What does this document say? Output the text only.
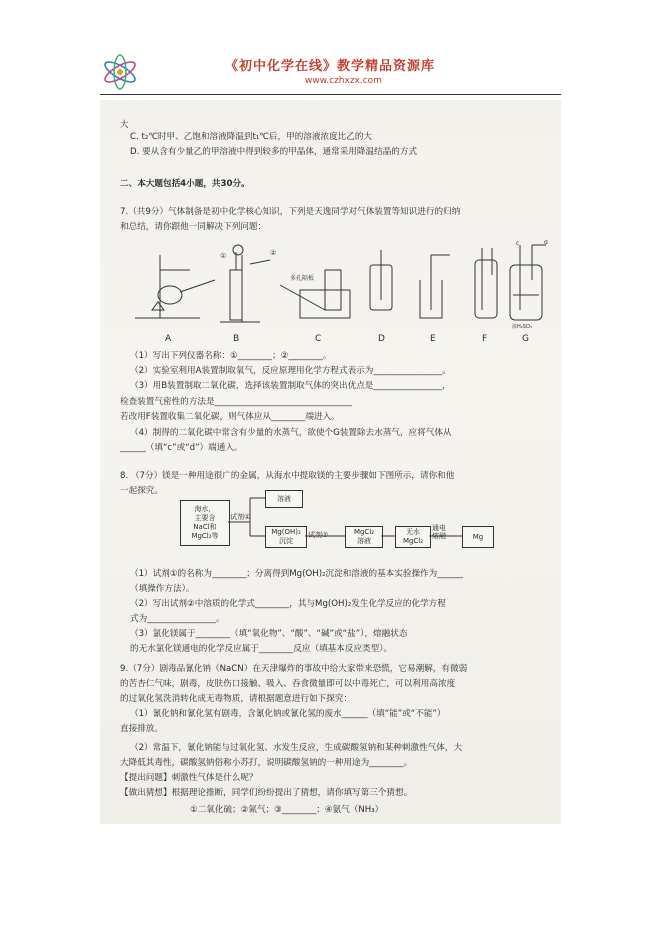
《初中化学在线》教学精品资源库
www.czhxzx.com
大
C. t₂℃时甲、乙饱和溶液降温到t₁℃后，甲的溶液浓度比乙的大
D. 要从含有少量乙的甲溶液中得到较多的甲晶体，通常采用降温结晶的方式
二、本大题包括4小题，共30分。
7.（共9分）气体制备是初中化学核心知识，下列是天逸同学对气体装置等知识进行的归纳
和总结，请你跟他一同解决下列问题：
①	②
多孔隔板
c	d
浓H₂SO₄
A	B	C	D	E	F	G
（1）写出下列仪器名称：①________；②________。
（2）实验室利用A装置制取氧气，反应原理用化学方程式表示为________________。
（3）用B装置制取二氧化碳，选择该装置制取气体的突出优点是________________，
检查装置气密性的方法是________________________________
若改用F装置收集二氧化碳，则气体应从________端进入。
（4）制得的二氧化碳中常含有少量的水蒸气，欲使个G装置除去水蒸气，应将气体从
______（填“c”或“d”）端通入。
8. （7分）镁是一种用途很广的金属，从海水中提取镁的主要步骤如下图所示，请你和他
一起探究。
海水，
主要含
NaCl和
MgCl₂等
试剂①
溶液
Mg(OH)₂
沉淀
试剂②	MgCl₂
溶液
无水
MgCl₂
通电
熔融	Mg
（1）试剂①的名称为________；分离得到Mg(OH)₂沉淀和溶液的基本实验操作为______
（填操作方法）。
（2）写出试剂②中溶质的化学式________，其与Mg(OH)₂发生化学反应的化学方程
式为________________。
（3）氯化镁属于________（填“氧化物”、“酸”、“碱”或“盐”），熔融状态
的无水氯化镁通电的化学反应属于________反应（填基本反应类型）。
9.（7分）剧毒品氰化钠（NaCN）在天津爆炸的事故中给大家带来恐慌，它易潮解，有微弱
的苦杏仁气味，剧毒，皮肤伤口接触、吸入、吞食微量即可以中毒死亡，可以利用高浓度
的过氧化氢洗消转化成无毒物质，请根据题意进行如下探究：
（1）氰化钠和氰化氢有剧毒，含氰化钠或氰化氢的废水______（填“能”或“不能”）
直接排放。
（2）常温下，氰化钠能与过氧化氢、水发生反应，生成碳酸氢钠和某种刺激性气体，大
大降低其毒性，碳酸氢钠俗称小苏打，说明碳酸氢钠的一种用途为________。
【提出问题】刺激性气体是什么呢？
【做出猜想】根据理论推断，同学们纷纷提出了猜想，请你填写第三个猜想。
①二氧化硫；②氮气；③________；④氨气（NH₃）
